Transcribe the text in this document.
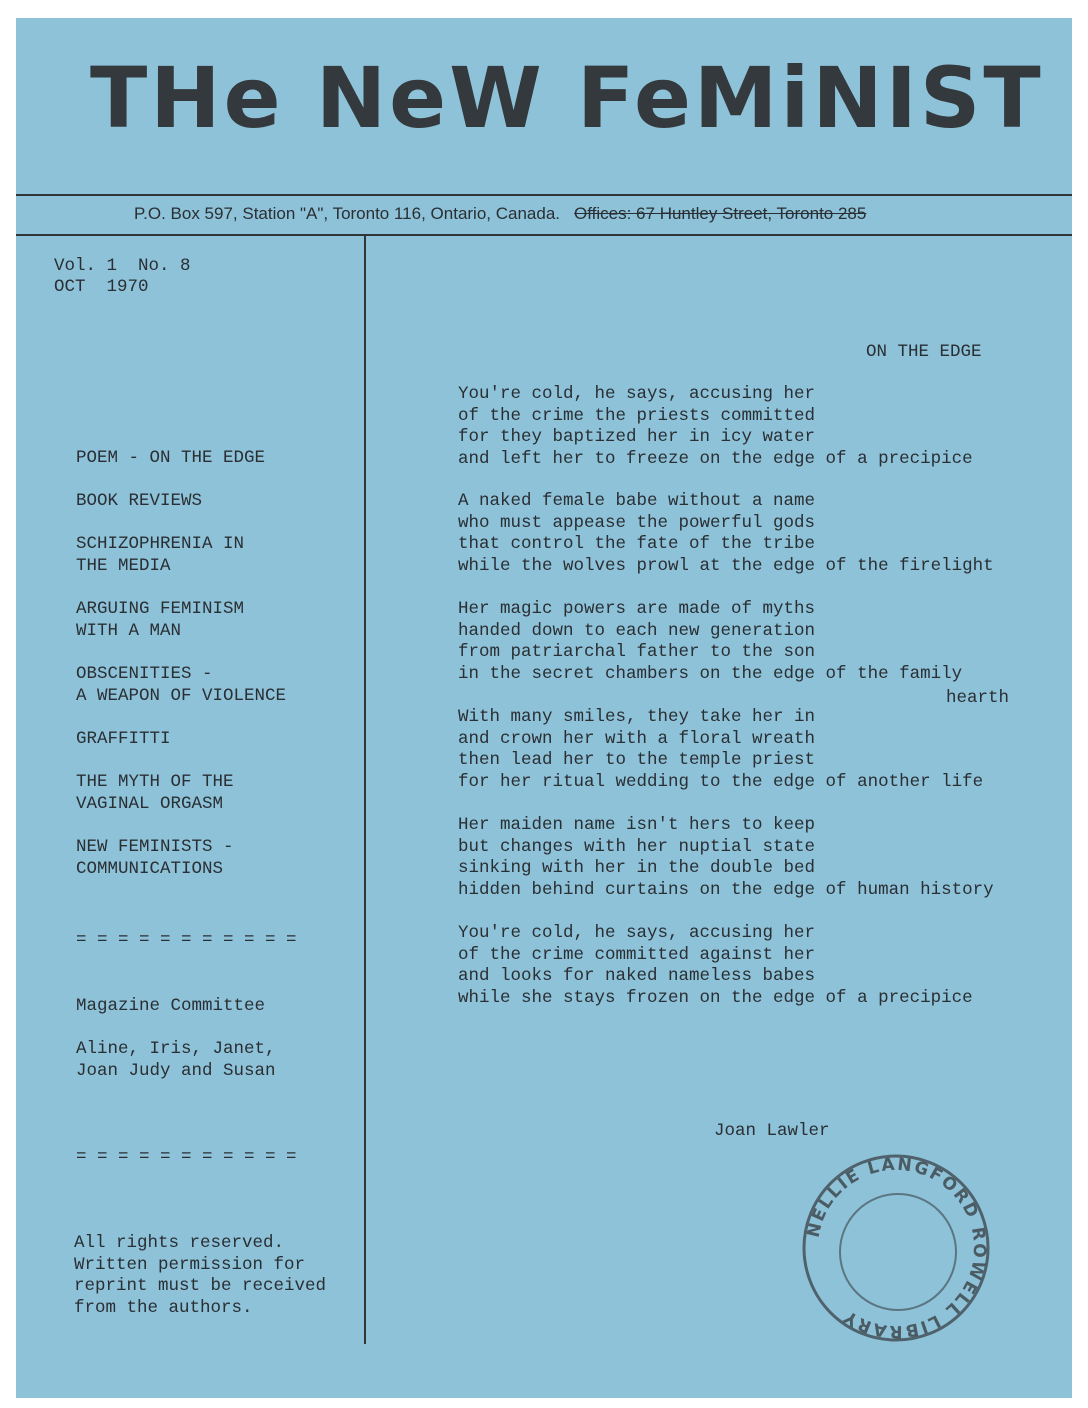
THe NeW FeMiNIST
P.O. Box 597, Station "A", Toronto 116, Ontario, Canada. Offices: 67 Huntley Street, Toronto 285
Vol. 1  No. 8
OCT  1970
POEM - ON THE EDGE
BOOK REVIEWS
SCHIZOPHRENIA IN
THE MEDIA
ARGUING FEMINISM
WITH A MAN
OBSCENITIES -
A WEAPON OF VIOLENCE
GRAFFITTI
THE MYTH OF THE
VAGINAL ORGASM
NEW FEMINISTS -
COMMUNICATIONS
= = = = = = = = = = =
Magazine Committee
Aline, Iris, Janet,
Joan Judy and Susan
= = = = = = = = = = =
All rights reserved.
Written permission for
reprint must be received
from the authors.
ON THE EDGE
You're cold, he says, accusing her
of the crime the priests committed
for they baptized her in icy water
and left her to freeze on the edge of a precipice
A naked female babe without a name
who must appease the powerful gods
that control the fate of the tribe
while the wolves prowl at the edge of the firelight
Her magic powers are made of myths
handed down to each new generation
from patriarchal father to the son
in the secret chambers on the edge of the family
With many smiles, they take her in
and crown her with a floral wreath
then lead her to the temple priest
for her ritual wedding to the edge of another life
Her maiden name isn't hers to keep
but changes with her nuptial state
sinking with her in the double bed
hidden behind curtains on the edge of human history
You're cold, he says, accusing her
of the crime committed against her
and looks for naked nameless babes
while she stays frozen on the edge of a precipice
hearth
Joan Lawler
NELLIE LANGFORD ROWELL LIBRARY
